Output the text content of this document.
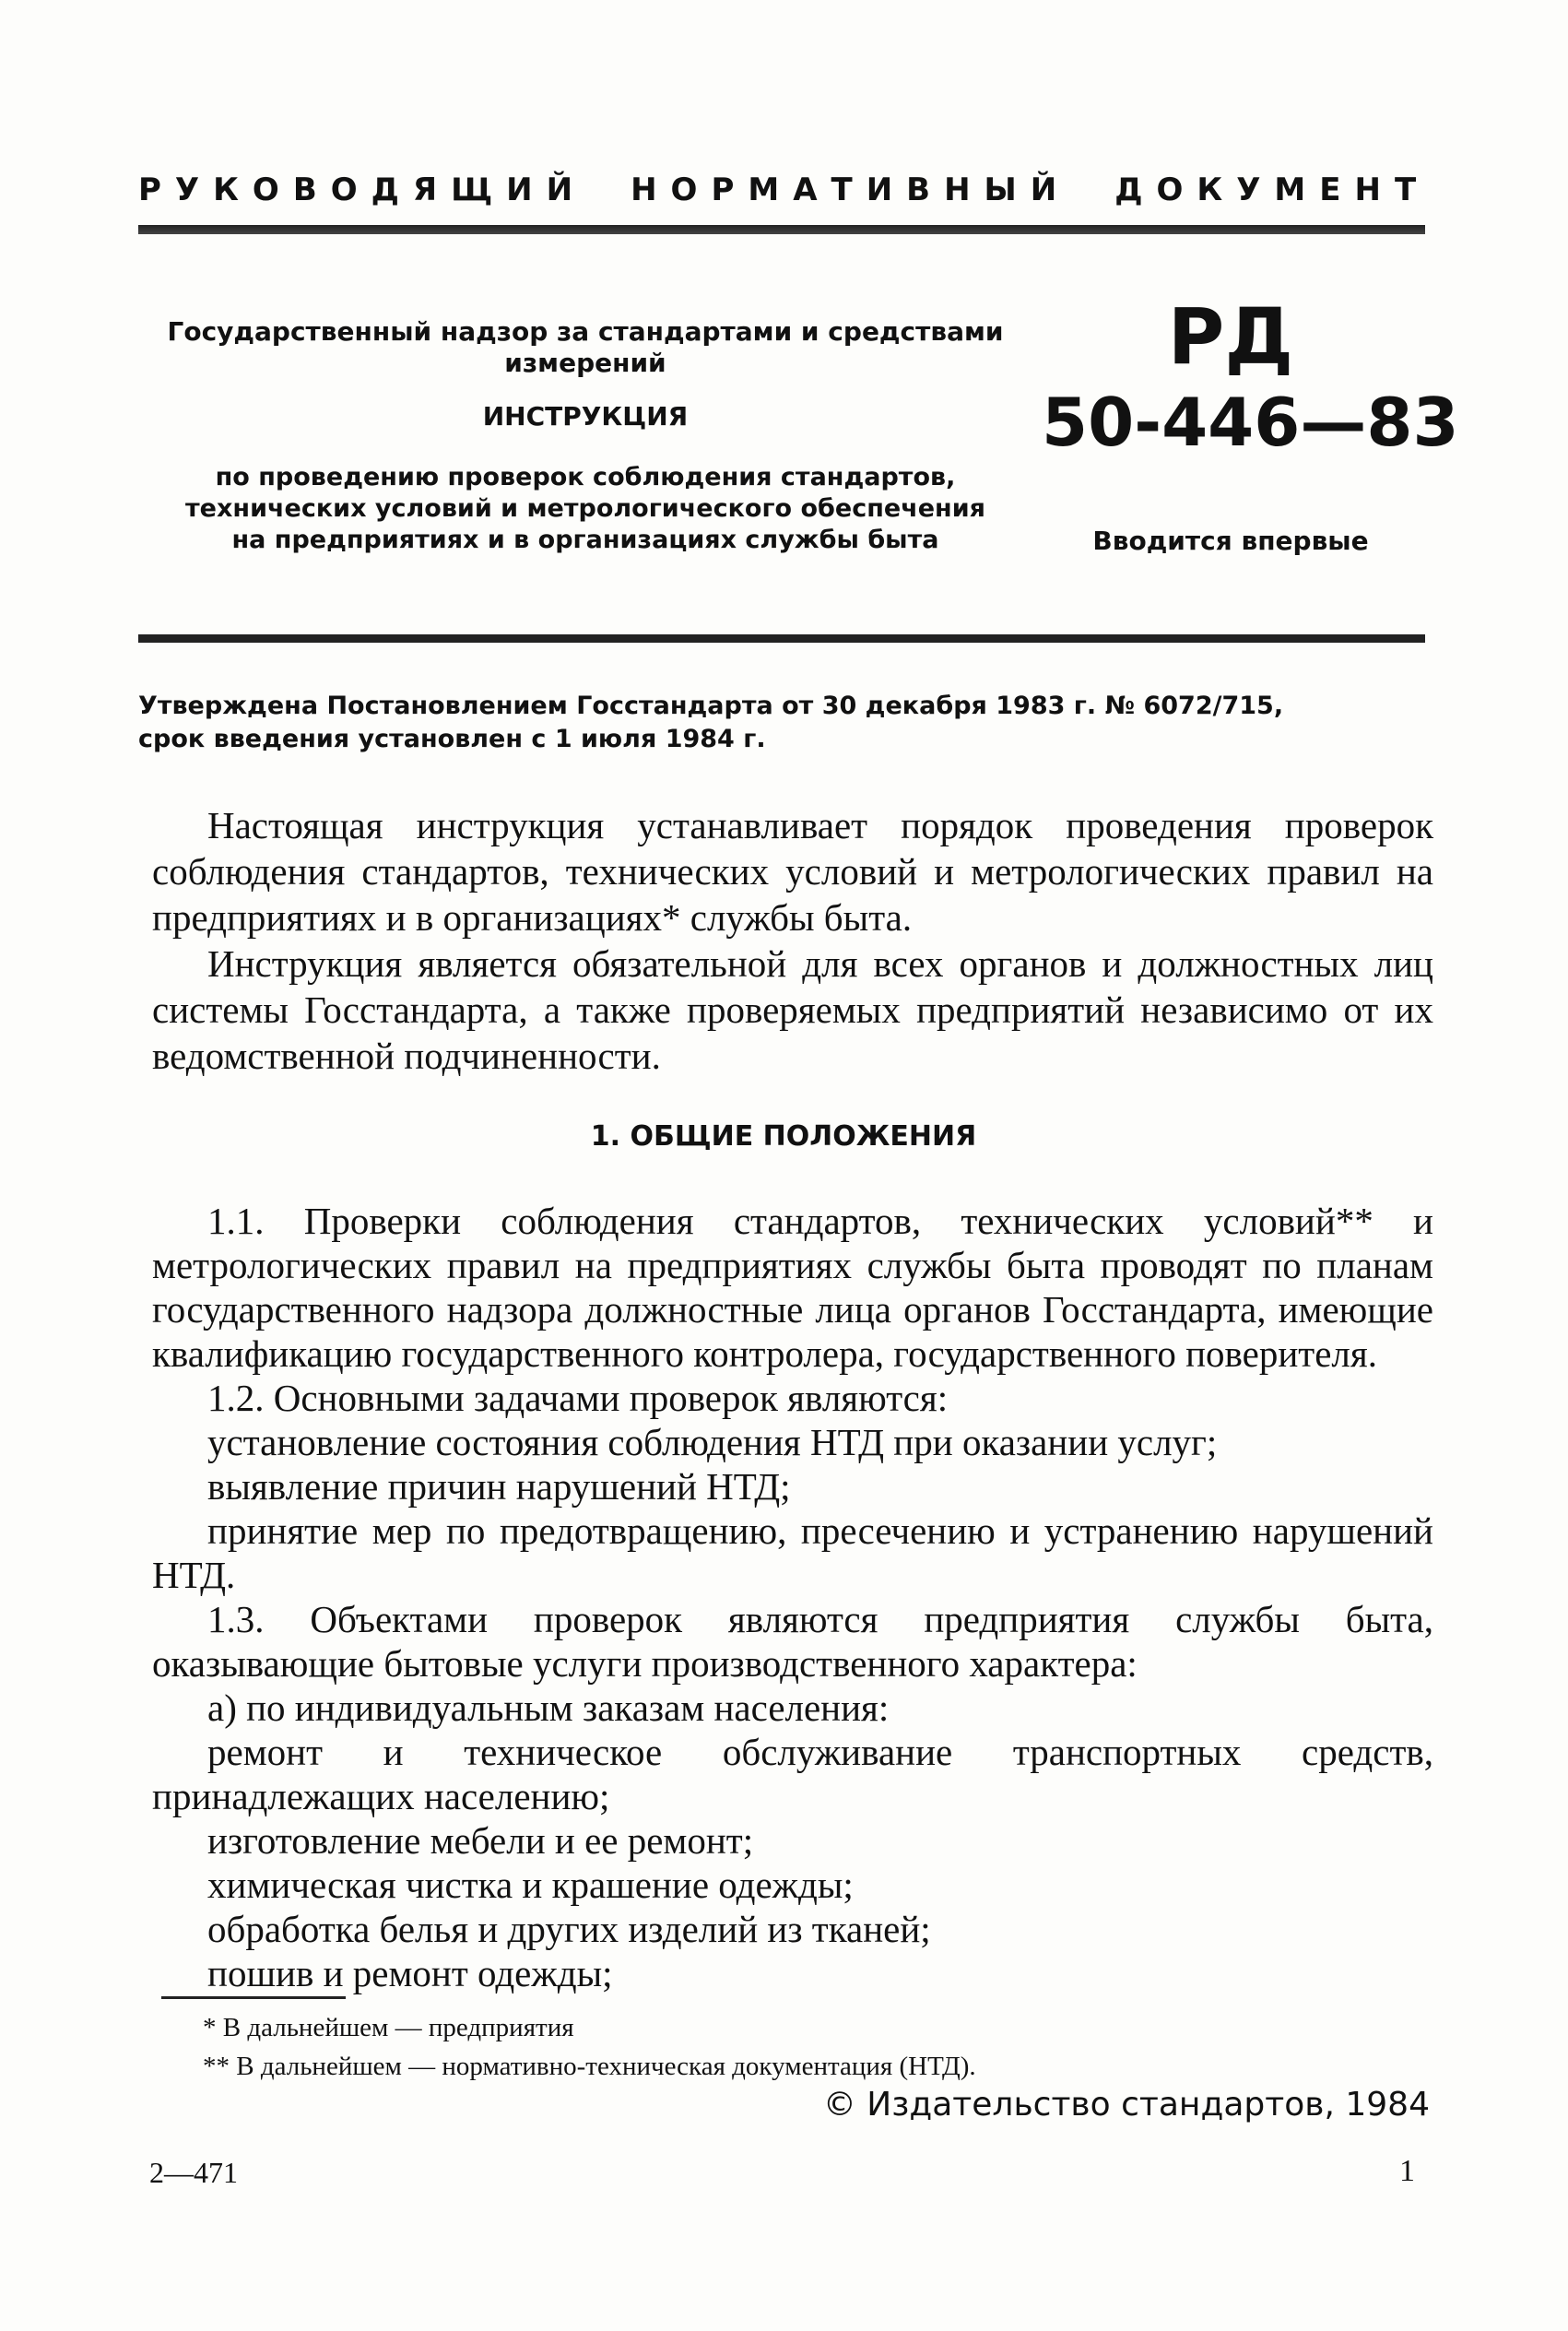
РУКОВОДЯЩИЙ НОРМАТИВНЫЙ ДОКУМЕНТ
Государственный надзор за стандартами и средствами измерений
ИНСТРУКЦИЯ
по проведению проверок соблюдения стандартов,
технических условий и метрологического обеспечения
на предприятиях и в организациях службы быта
РД
50-446—83
Вводится впервые
Утверждена Постановлением Госстандарта от 30 декабря 1983 г. № 6072/715,
срок введения установлен с 1 июля 1984 г.

Настоящая инструкция устанавливает порядок проведения проверок соблюдения стандартов, технических условий и метрологических правил на предприятиях и в организациях* службы быта.

Инструкция является обязательной для всех органов и должностных лиц системы Госстандарта, а также проверяемых предприятий независимо от их ведомственной подчиненности.

1. ОБЩИЕ ПОЛОЖЕНИЯ

1.1. Проверки соблюдения стандартов, технических условий** и метрологических правил на предприятиях службы быта проводят по планам государственного надзора должностные лица органов Госстандарта, имеющие квалификацию государственного контролера, государственного поверителя.

1.2. Основными задачами проверок являются:

установление состояния соблюдения НТД при оказании услуг;

выявление причин нарушений НТД;

принятие мер по предотвращению, пресечению и устранению нарушений НТД.

1.3. Объектами проверок являются предприятия службы быта, оказывающие бытовые услуги производственного характера:

а) по индивидуальным заказам населения:

ремонт и техническое обслуживание транспортных средств, принадлежащих населению;

изготовление мебели и ее ремонт;

химическая чистка и крашение одежды;

обработка белья и других изделий из тканей;

пошив и ремонт одежды;

* В дальнейшем — предприятия
** В дальнейшем — нормативно-техническая документация (НТД).
© Издательство стандартов, 1984
2—471	1
